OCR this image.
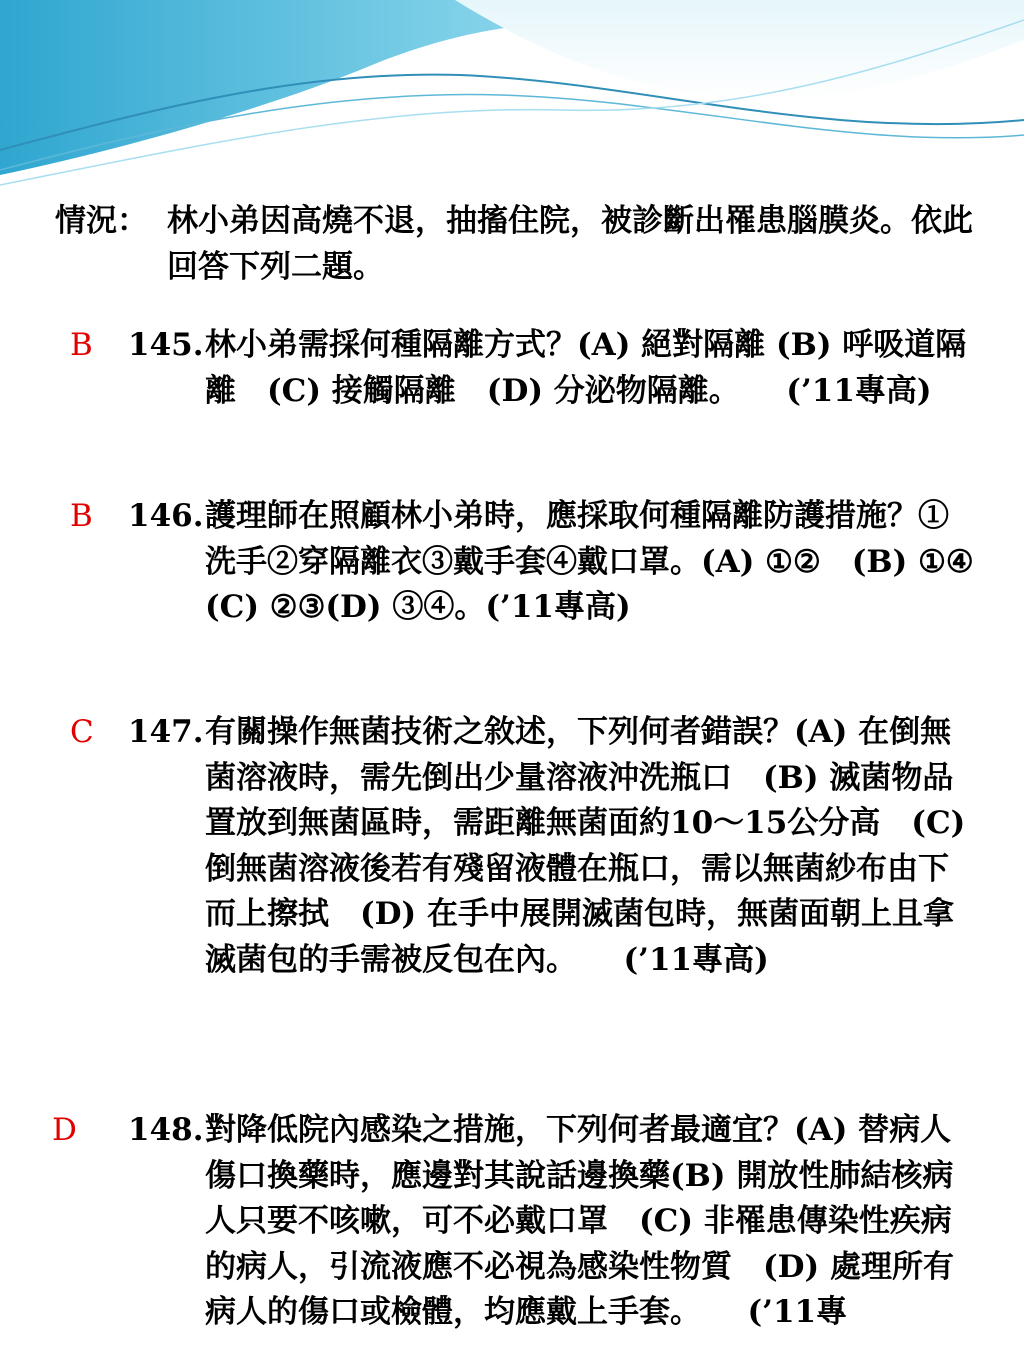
情況： 林小弟因高燒不退，抽搐住院，被診斷出罹患腦膜炎。依此回答下列二題。
B 145. 林小弟需採何種隔離方式？(A) 絕對隔離 (B) 呼吸道隔離　(C) 接觸隔離　(D) 分泌物隔離。　　(’11專高)
B 146. 護理師在照顧林小弟時，應採取何種隔離防護措施？①洗手②穿隔離衣③戴手套④戴口罩。(A) ①②　(B) ①④　(C) ②③(D) ③④。(’11專高)
C 147. 有關操作無菌技術之敘述，下列何者錯誤？(A) 在倒無菌溶液時，需先倒出少量溶液沖洗瓶口　(B) 滅菌物品置放到無菌區時，需距離無菌面約10～15公分高　(C) 倒無菌溶液後若有殘留液體在瓶口，需以無菌紗布由下而上擦拭　(D) 在手中展開滅菌包時，無菌面朝上且拿滅菌包的手需被反包在內。　　(’11專高)
D 148. 對降低院內感染之措施，下列何者最適宜？(A) 替病人傷口換藥時，應邊對其說話邊換藥(B) 開放性肺結核病人只要不咳嗽，可不必戴口罩　(C) 非罹患傳染性疾病的病人，引流液應不必視為感染性物質　(D) 處理所有病人的傷口或檢體，均應戴上手套。　　(’11專
